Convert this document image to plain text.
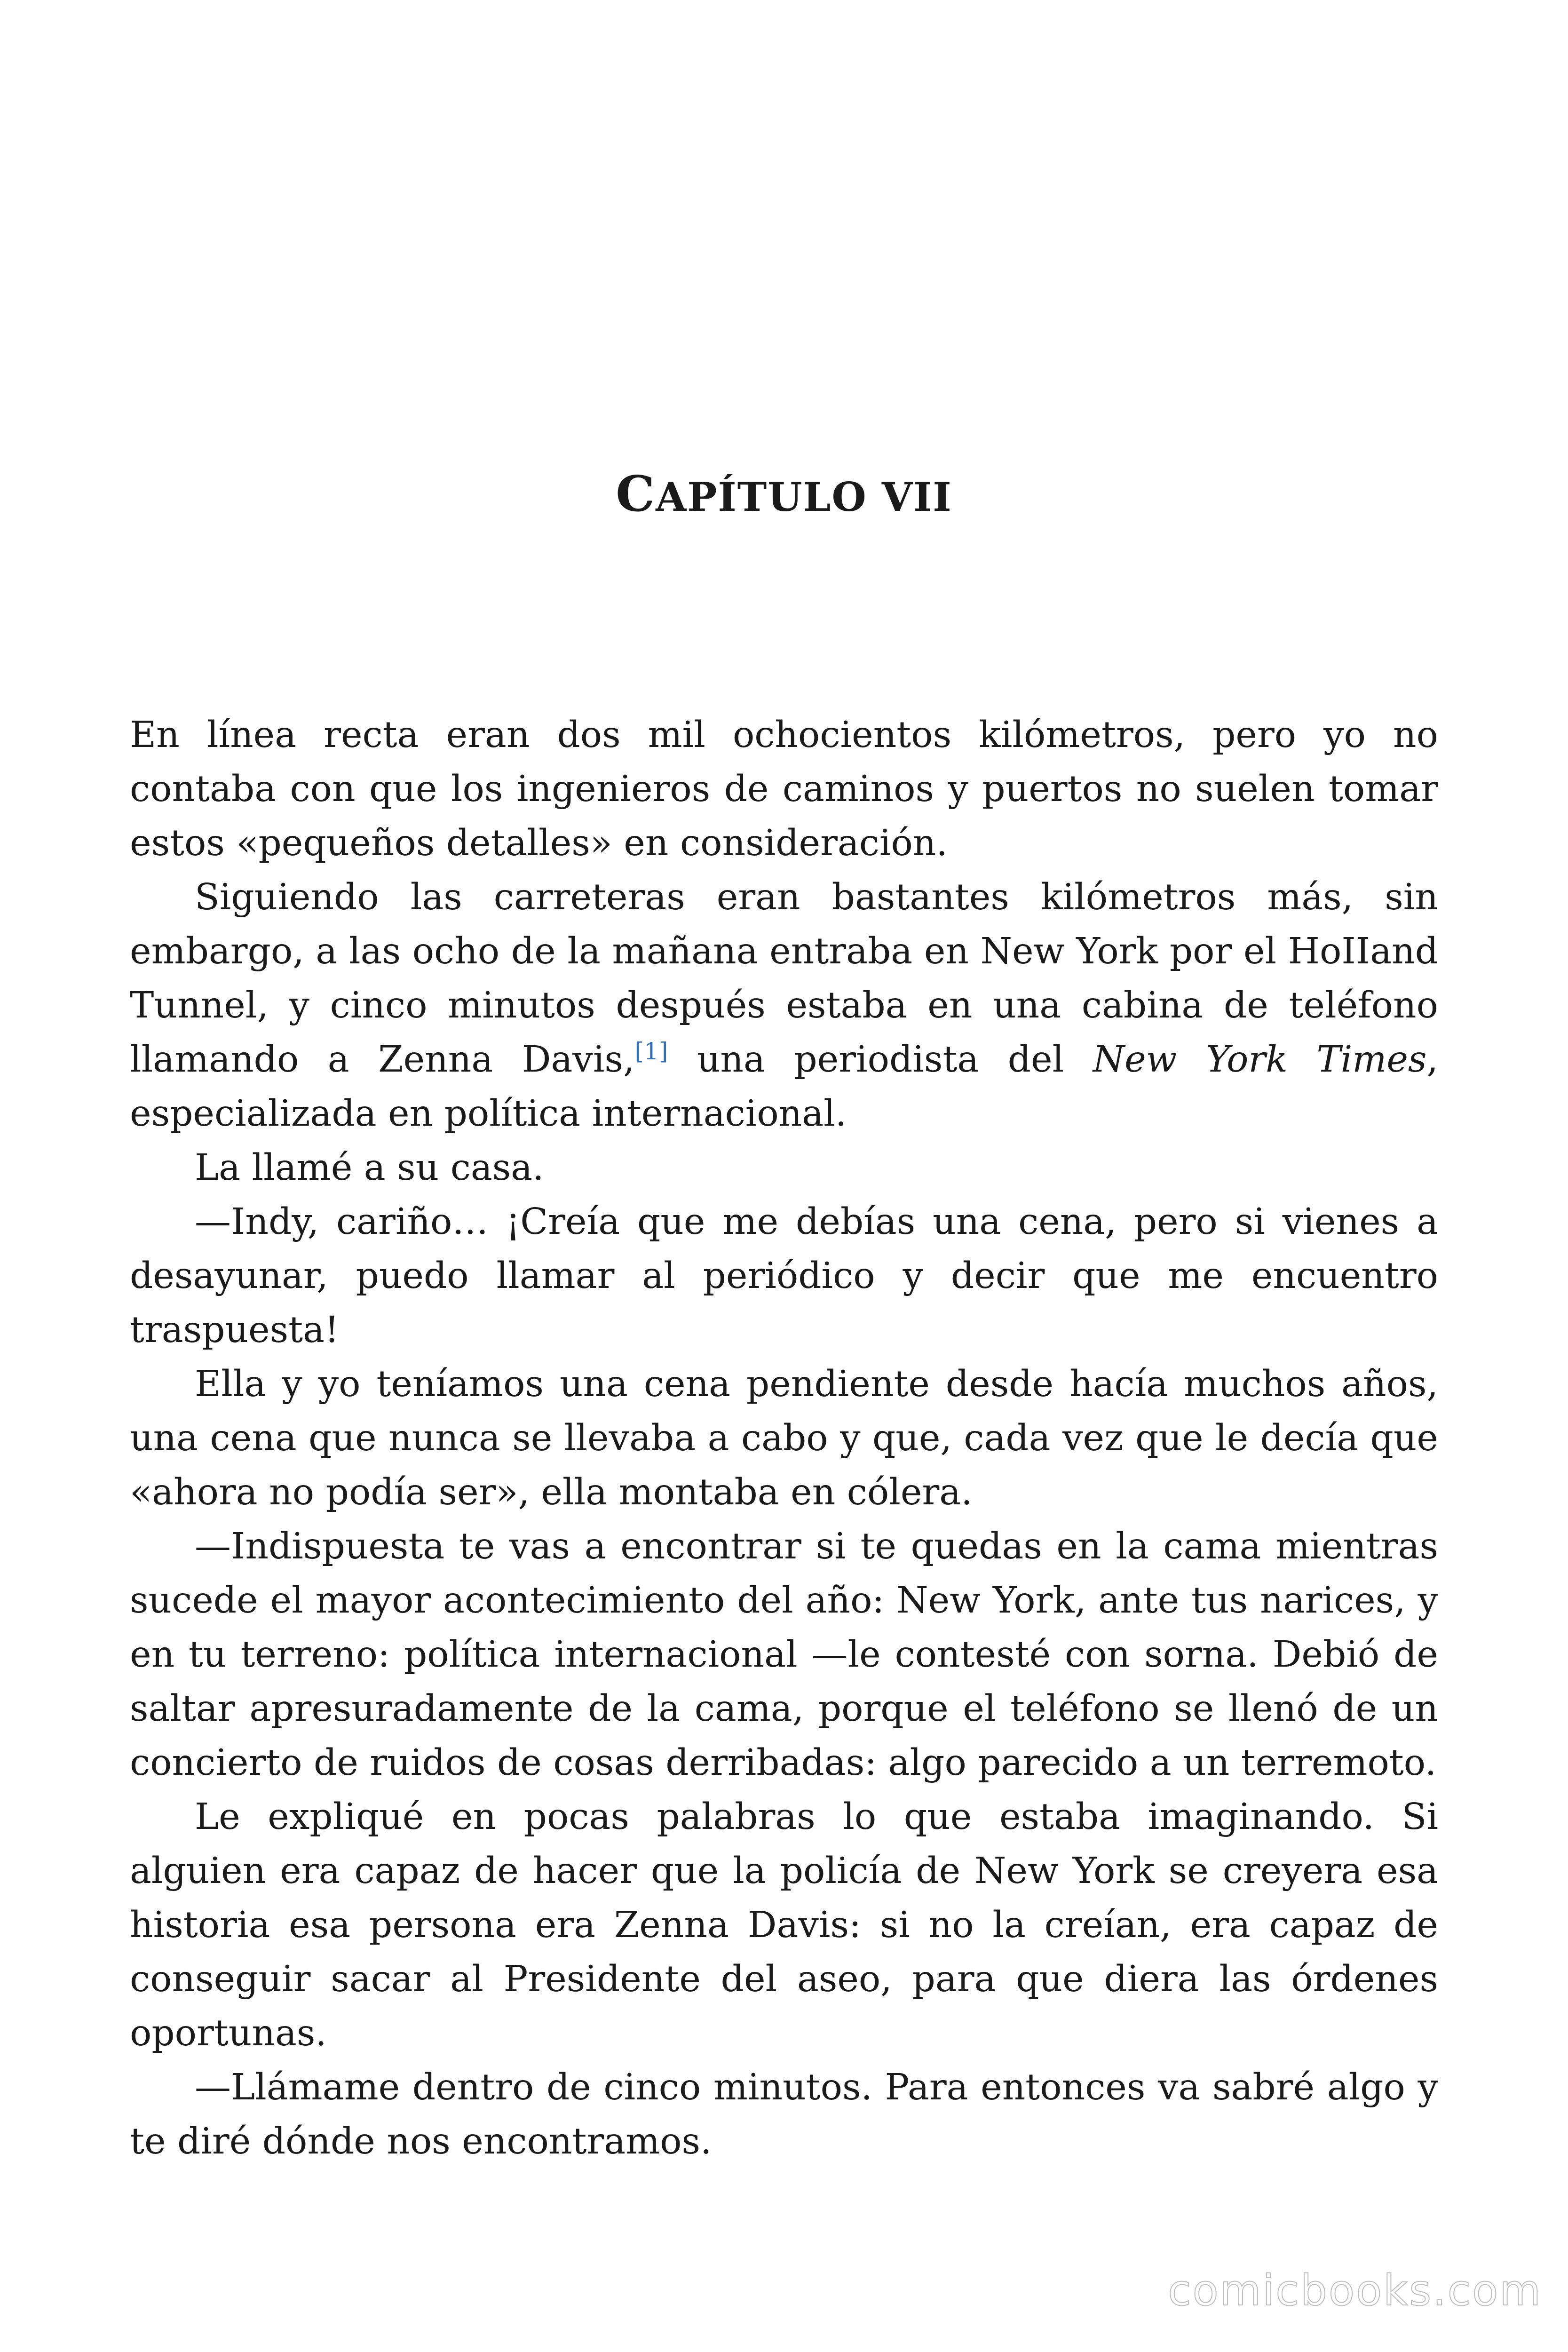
CAPÍTULO VII

En línea recta eran dos mil ochocientos kilómetros, pero yo no contaba con que los ingenieros de caminos y puertos no suelen tomar estos «pequeños detalles» en consideración.

Siguiendo las carreteras eran bastantes kilómetros más, sin embargo, a las ocho de la mañana entraba en New York por el HoIIand Tunnel, y cinco minutos después estaba en una cabina de teléfono llamando a Zenna Davis,[1] una periodista del New York Times, especializada en política internacional.

La llamé a su casa.

—Indy, cariño… ¡Creía que me debías una cena, pero si vienes a desayunar, puedo llamar al periódico y decir que me encuentro traspuesta!

Ella y yo teníamos una cena pendiente desde hacía muchos años, una cena que nunca se llevaba a cabo y que, cada vez que le decía que «ahora no podía ser», ella montaba en cólera.

—Indispuesta te vas a encontrar si te quedas en la cama mientras sucede el mayor acontecimiento del año: New York, ante tus narices, y en tu terreno: política internacional —le contesté con sorna. Debió de saltar apresuradamente de la cama, porque el teléfono se llenó de un concierto de ruidos de cosas derribadas: algo parecido a un terremoto.

Le expliqué en pocas palabras lo que estaba imaginando. Si alguien era capaz de hacer que la policía de New York se creyera esa historia esa persona era Zenna Davis: si no la creían, era capaz de conseguir sacar al Presidente del aseo, para que diera las órdenes oportunas.

—Llámame dentro de cinco minutos. Para entonces va sabré algo y te diré dónde nos encontramos.

comicbooks.com
